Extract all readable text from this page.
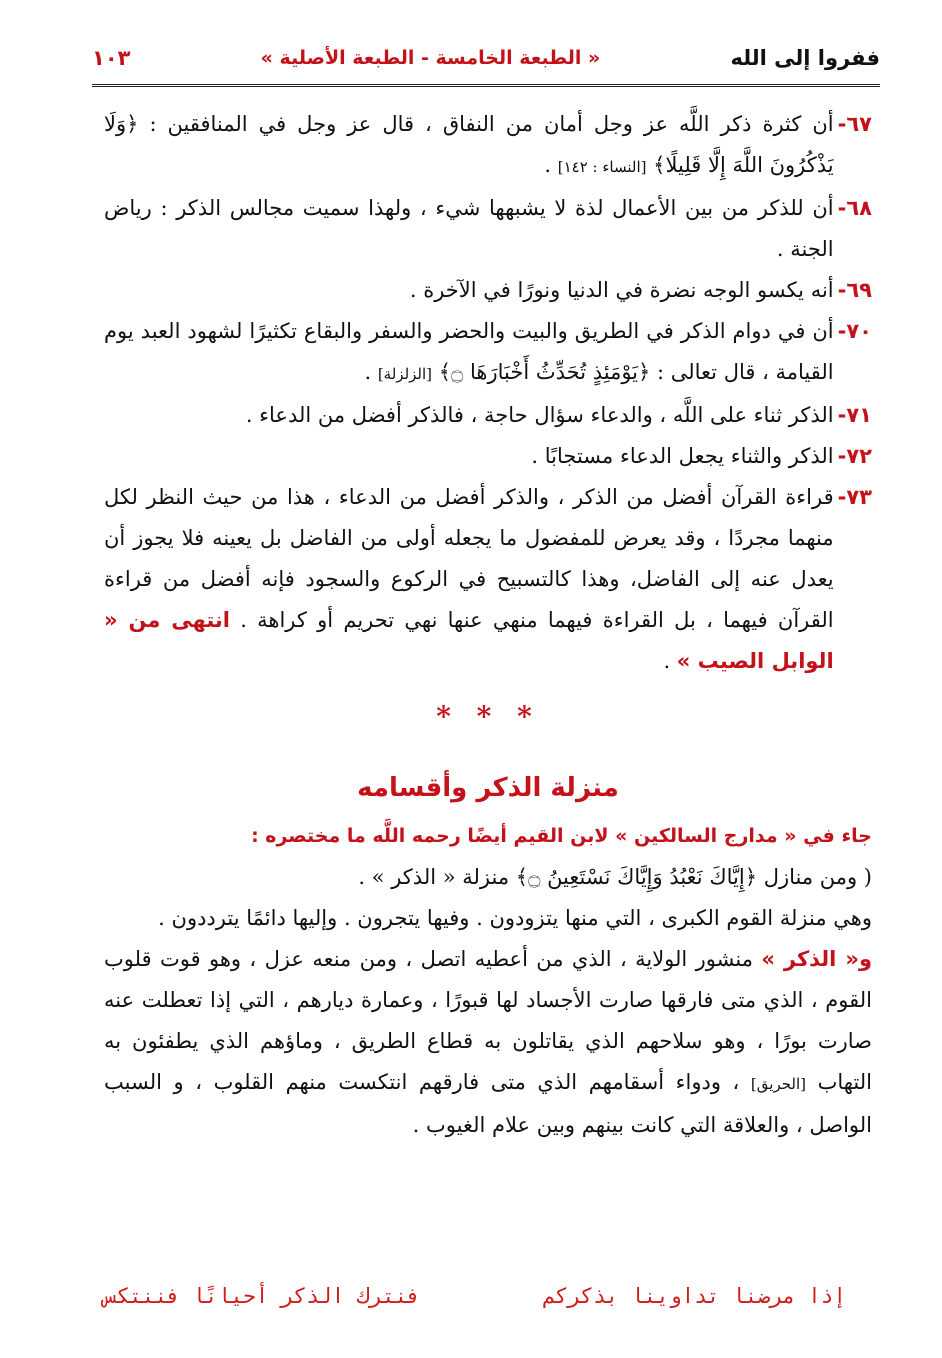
ففروا إلى الله
« الطبعة الخامسة - الطبعة الأصلية »
١٠٣
٦٧-
أن كثرة ذكر اللَّه عز وجل أمان من النفاق ، قال عز وجل في المنافقين : ﴿وَلَا يَذْكُرُونَ اللَّهَ إِلَّا قَلِيلًا﴾ [النساء : ١٤٢] .
٦٨-
أن للذكر من بين الأعمال لذة لا يشبهها شيء ، ولهذا سميت مجالس الذكر : رياض الجنة .
٦٩-
أنه يكسو الوجه نضرة في الدنيا ونورًا في الآخرة .
٧٠-
أن في دوام الذكر في الطريق والبيت والحضر والسفر والبقاع تكثيرًا لشهود العبد يوم القيامة ، قال تعالى : ﴿يَوْمَئِذٍ تُحَدِّثُ أَخْبَارَهَا ۝﴾ [الزلزلة] .
٧١-
الذكر ثناء على اللَّه ، والدعاء سؤال حاجة ، فالذكر أفضل من الدعاء .
٧٢-
الذكر والثناء يجعل الدعاء مستجابًا .
٧٣-
قراءة القرآن أفضل من الذكر ، والذكر أفضل من الدعاء ، هذا من حيث النظر لكل منهما مجردًا ، وقد يعرض للمفضول ما يجعله أولى من الفاضل بل يعينه فلا يجوز أن يعدل عنه إلى الفاضل، وهذا كالتسبيح في الركوع والسجود فإنه أفضل من قراءة القرآن فيهما ، بل القراءة فيهما منهي عنها نهي تحريم أو كراهة . انتهى من « الوابل الصيب » .
* * *
منزلة الذكر وأقسامه

جاء في « مدارج السالكين » لابن القيم أيضًا رحمه اللَّه ما مختصره :

( ومن منازل ﴿إِيَّاكَ نَعْبُدُ وَإِيَّاكَ نَسْتَعِينُ ۝﴾ منزلة « الذكر » .

وهي منزلة القوم الكبرى ، التي منها يتزودون . وفيها يتجرون . وإليها دائمًا يترددون .

و« الذكر » منشور الولاية ، الذي من أعطيه اتصل ، ومن منعه عزل ، وهو قوت قلوب القوم ، الذي متى فارقها صارت الأجساد لها قبورًا ، وعمارة ديارهم ، التي إذا تعطلت عنه صارت بورًا ، وهو سلاحهم الذي يقاتلون به قطاع الطريق ، وماؤهم الذي يطفئون به التهاب [الحريق] ، ودواء أسقامهم الذي متى فارقهم انتكست منهم القلوب ، و السبب الواصل ، والعلاقة التي كانت بينهم وبين علام الغيوب .

إذا مرضنا تداوينا بذكركم
فنترك الذكر أحيانًا فننتكس
